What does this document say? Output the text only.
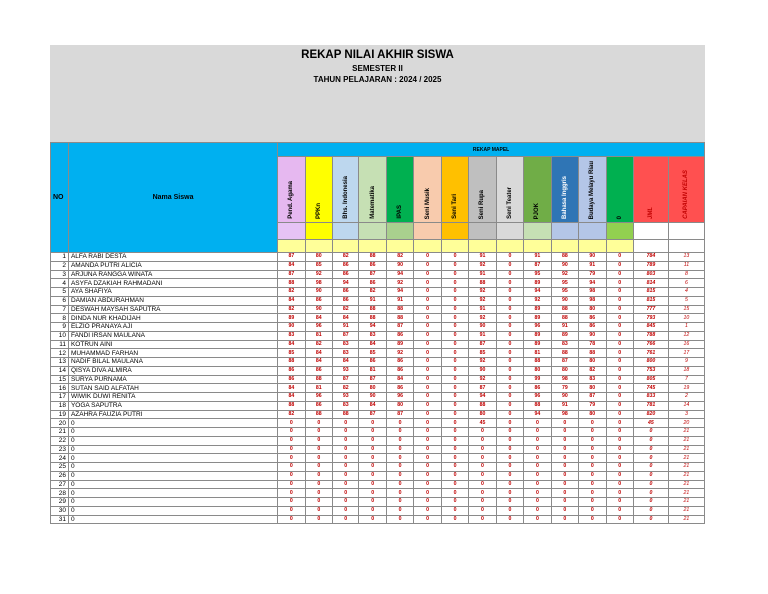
REKAP NILAI AKHIR SISWA
SEMESTER II
TAHUN PELAJARAN : 2024 / 2025
NO	Nama Siswa	REKAP MAPEL														

		Pend. Agama	PPKn	Bhs. Indonesia	Matematika	IPAS	Seni Musik	Seni Tari	Seni Rupa	Seni Teater	PJOK	Bahasa Inggris	Budaya Melayu Riau	0	JML	CAPAIAN KELAS

1	ALFA RABI DESTA	87	80	82	88	82	0	0	91	0	91	88	90	0	784	13
2	AMANDA PUTRI ALICIA	84	85	86	86	90	0	0	92	0	87	90	91	0	789	11
3	ARJUNA RANGGA WINATA	87	92	86	87	94	0	0	91	0	95	92	79	0	803	8
4	ASYFA DZAKIAH RAHMADANI	88	98	94	86	92	0	0	88	0	89	95	94	0	814	6
5	AYA SHAFIYA	82	90	86	82	94	0	0	92	0	94	95	98	0	815	4
6	DAMIAN ABDURAHMAN	84	86	86	91	91	0	0	92	0	92	90	98	0	815	5
7	DESWAH MAYSAH SAPUTRA	82	90	82	88	88	0	0	91	0	89	88	80	0	777	15
8	DINDA NUR KHADIJAH	89	84	84	88	88	0	0	92	0	89	88	86	0	793	10
9	ELZIO PRANAYA AJI	90	96	91	94	87	0	0	90	0	96	91	86	0	845	1
10	FANDI IRSAN MAULANA	83	81	87	83	86	0	0	91	0	89	89	90	0	788	12
11	KOTRUN AINI	84	82	83	84	89	0	0	87	0	89	83	78	0	766	16
12	MUHAMMAD FARHAN	85	84	83	85	92	0	0	85	0	81	88	88	0	761	17
13	NADIF BILAL MAULANA	88	84	84	86	86	0	0	92	0	88	87	80	0	800	9
14	QISYA DIVA ALMIRA	86	86	93	81	86	0	0	90	0	80	80	82	0	753	18
15	SURYA PURNAMA	86	88	87	87	84	0	0	92	0	99	98	83	0	805	7
16	SUTAN SAID ALFATAH	84	81	82	80	86	0	0	87	0	86	79	80	0	745	19
17	WIWIK DUWI RENITA	84	96	93	90	96	0	0	94	0	96	90	87	0	833	2
18	YOGA SAPUTRA	88	86	83	84	80	0	0	88	0	88	91	79	0	781	14
19	AZAHRA FAUZIA PUTRI	82	88	88	87	87	0	0	80	0	94	98	80	0	820	3
20	0	0	0	0	0	0	0	0	45	0	0	0	0	0	45	20
21	0	0	0	0	0	0	0	0	0	0	0	0	0	0	0	21
22	0	0	0	0	0	0	0	0	0	0	0	0	0	0	0	21
23	0	0	0	0	0	0	0	0	0	0	0	0	0	0	0	21
24	0	0	0	0	0	0	0	0	0	0	0	0	0	0	0	21
25	0	0	0	0	0	0	0	0	0	0	0	0	0	0	0	21
26	0	0	0	0	0	0	0	0	0	0	0	0	0	0	0	21
27	0	0	0	0	0	0	0	0	0	0	0	0	0	0	0	21
28	0	0	0	0	0	0	0	0	0	0	0	0	0	0	0	21
29	0	0	0	0	0	0	0	0	0	0	0	0	0	0	0	21
30	0	0	0	0	0	0	0	0	0	0	0	0	0	0	0	21
31	0	0	0	0	0	0	0	0	0	0	0	0	0	0	0	21
